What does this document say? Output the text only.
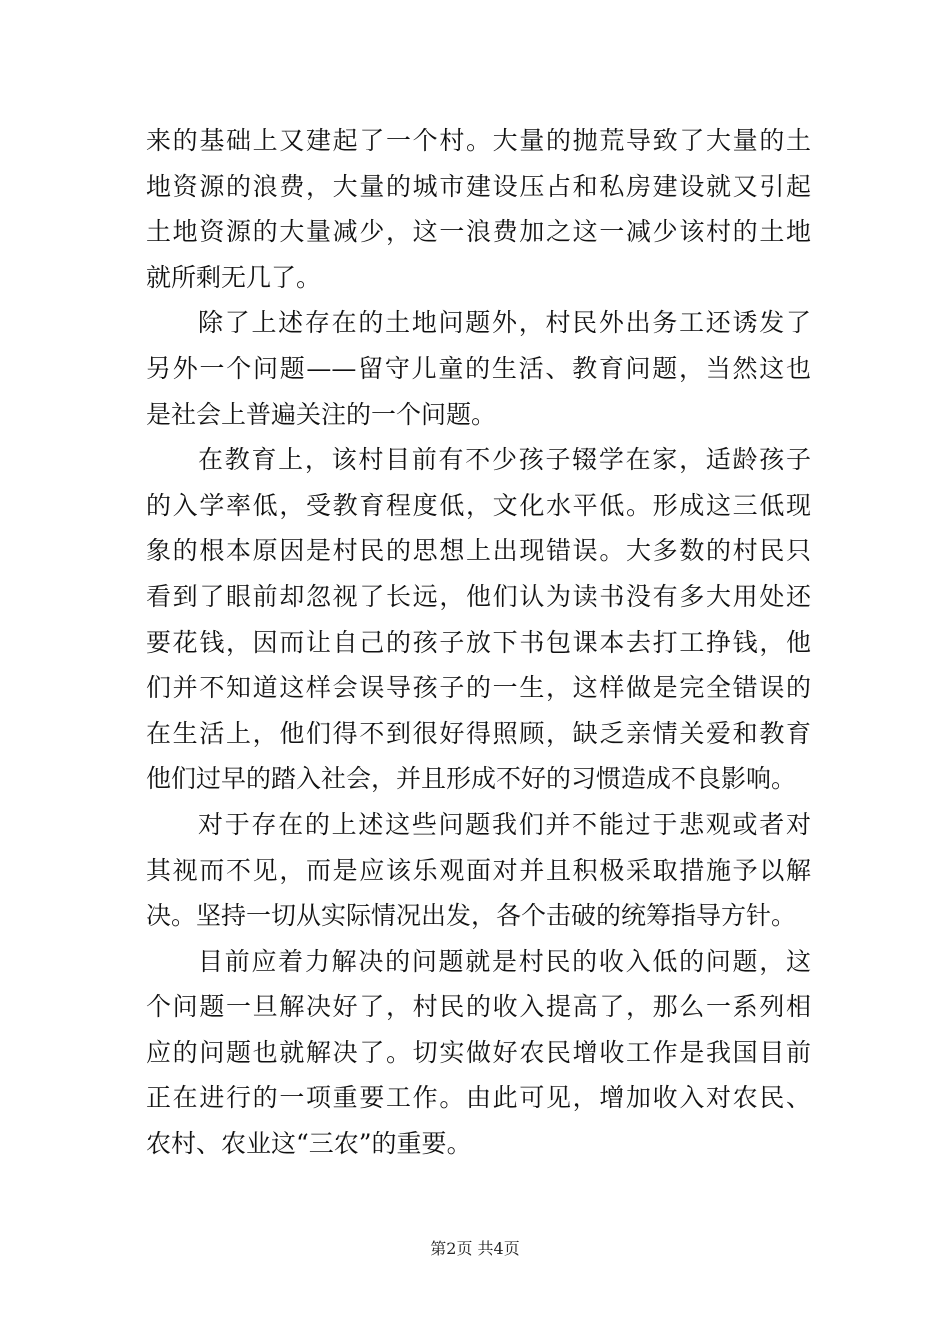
来的基础上又建起了一个村。大量的抛荒导致了大量的土
地资源的浪费，大量的城市建设压占和私房建设就又引起
土地资源的大量减少，这一浪费加之这一减少该村的土地
就所剩无几了。
除了上述存在的土地问题外，村民外出务工还诱发了
另外一个问题——留守儿童的生活、教育问题，当然这也
是社会上普遍关注的一个问题。
在教育上，该村目前有不少孩子辍学在家，适龄孩子
的入学率低，受教育程度低，文化水平低。形成这三低现
象的根本原因是村民的思想上出现错误。大多数的村民只
看到了眼前却忽视了长远，他们认为读书没有多大用处还
要花钱，因而让自己的孩子放下书包课本去打工挣钱，他
们并不知道这样会误导孩子的一生，这样做是完全错误的
在生活上，他们得不到很好得照顾，缺乏亲情关爱和教育
他们过早的踏入社会，并且形成不好的习惯造成不良影响。
对于存在的上述这些问题我们并不能过于悲观或者对
其视而不见，而是应该乐观面对并且积极采取措施予以解
决。坚持一切从实际情况出发，各个击破的统筹指导方针。
目前应着力解决的问题就是村民的收入低的问题，这
个问题一旦解决好了，村民的收入提高了，那么一系列相
应的问题也就解决了。切实做好农民增收工作是我国目前
正在进行的一项重要工作。由此可见，增加收入对农民、
农村、农业这“三农”的重要。
第2页 共4页
